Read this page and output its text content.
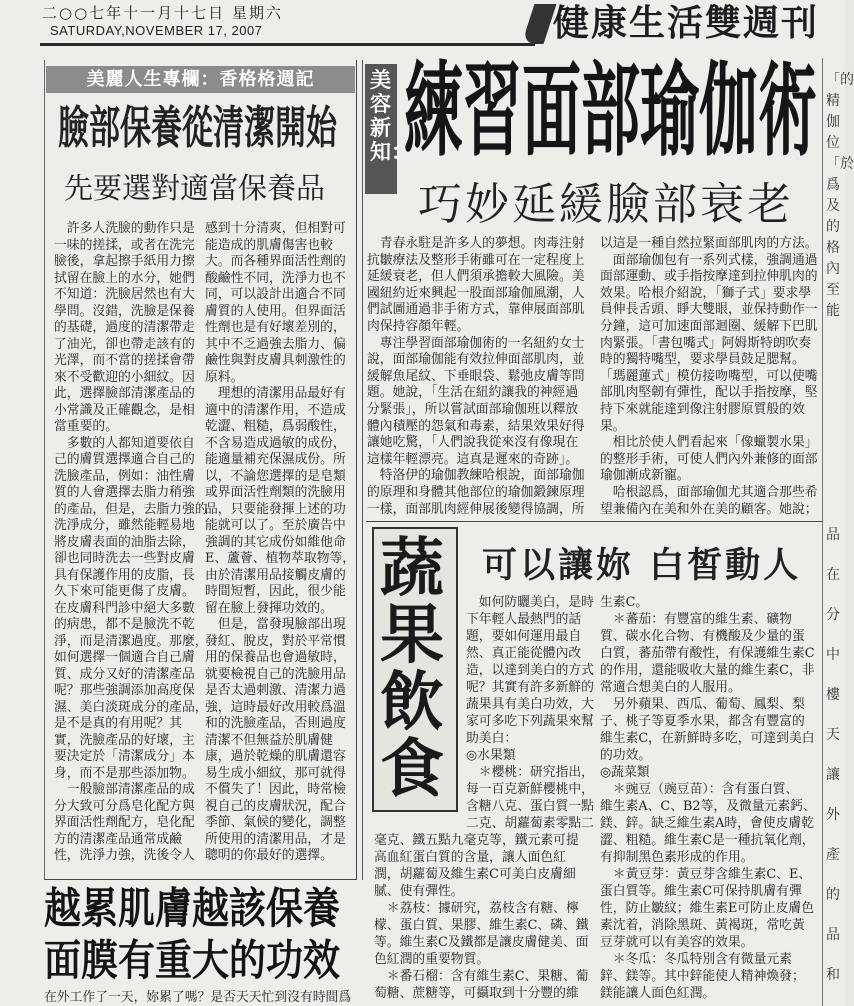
二○○七年十一月十七日 星期六
SATURDAY,NOVEMBER 17, 2007	健康生活雙週刊
美麗人生專欄：香格格週記
臉部保養從清潔開始
先要選對適當保養品
　許多人洗臉的動作只是
一味的搓揉，或者在洗完
臉後，拿起擦手紙用力擦
拭留在臉上的水分，她們
不知道：洗臉居然也有大
學問。沒錯，洗臉是保養
的基礎，過度的清潔帶走
了油光，卻也帶走該有的
光澤，而不當的搓揉會帶
來不受歡迎的小細紋。因
此，選擇臉部清潔產品的
小常識及正確觀念，是相
當重要的。
　多數的人都知道要依自
己的膚質選擇適合自己的
洗臉產品，例如：油性膚
質的人會選擇去脂力稍強
的產品，但是，去脂力強的
洗淨成分，雖然能輕易地
將皮膚表面的油脂去除，
卻也同時洗去一些對皮膚
具有保護作用的皮脂，長
久下來可能更傷了皮膚。
在皮膚科門診中絕大多數
的病患，都不是臉洗不乾
淨，而是清潔過度。那麼，
如何選擇一個適合自己膚
質、成分又好的清潔產品
呢？那些強調添加高度保
濕、美白淡斑成分的產品，
是不是真的有用呢？其
實，洗臉產品的好壞，主
要決定於「清潔成分」本
身，而不是那些添加物。
　一般臉部清潔產品的成
分大致可分爲皂化配方與
界面活性劑配方，皂化配
方的清潔產品通常成鹼
性，洗淨力強，洗後令人
感到十分清爽，但相對可
能造成的肌膚傷害也較
大。而各種界面活性劑的
酸鹼性不同，洗淨力也不
同，可以設計出適合不同
膚質的人使用。但界面活
性劑也是有好壞差別的，
其中不乏過強去脂力、偏
鹼性與對皮膚具刺激性的
原料。
　理想的清潔用品最好有
適中的清潔作用，不造成
乾澀、粗糙，爲弱酸性，
不含易造成過敏的成份，
能適量補充保濕成份。所
以，不論您選擇的是皂類
或界面活性劑類的洗臉用
品，只要能發揮上述的功
能就可以了。至於廣告中
強調的其它成份如維他命
E、蘆薈、植物萃取物等，
由於清潔用品接觸皮膚的
時間短暫，因此，很少能
留在臉上發揮功效的。
　但是，當發現臉部出現
發紅、脫皮，對於平常慣
用的保養品也會過敏時，
就要檢視自己的洗臉用品
是否太過刺激、清潔力過
強，這時最好改用較爲溫
和的洗臉產品，否則過度
清潔不但無益於肌膚健
康，過於乾燥的肌膚還容
易生成小細紋，那可就得
不償失了！因此，時常檢
視自己的皮膚狀況，配合
季節、氣候的變化，調整
所使用的清潔用品，才是
聰明的你最好的選擇。
美容新知：
練習面部瑜伽術
巧妙延緩臉部衰老
　青春永駐是許多人的夢想。肉毒注射
抗皺療法及整形手術雖可在一定程度上
延緩衰老，但人們須承擔較大風險。美
國紐約近來興起一股面部瑜伽風潮，人
們試圖通過非手術方式，靠伸展面部肌
肉保持容顏年輕。
　專注學習面部瑜伽術的一名紐約女士
說，面部瑜伽能有效拉伸面部肌肉，並
緩解魚尾紋、下垂眼袋、鬆弛皮膚等問
題。她說，「生活在紐約讓我的神經過
分緊張」，所以嘗試面部瑜伽班以釋放
體內積壓的怨氣和毒素，結果效果好得
讓她吃驚，「人們說我從來沒有像現在
這樣年輕漂亮。這真是遲來的奇跡」。
　特洛伊的瑜伽教練哈根說，面部瑜伽
的原理和身體其他部位的瑜伽鍛鍊原理
一樣，面部肌肉經伸展後變得協調，所
以這是一種自然拉緊面部肌肉的方法。
　面部瑜伽包有一系列式樣，強調通過
面部運動、或手指按摩達到拉伸肌肉的
效果。哈根介紹說，「獅子式」要求學
員伸長舌頭、睜大雙眼，並保持動作一
分鐘，這可加速面部迴圈、緩解下巴肌
肉緊張。「書包嘴式」阿姆斯特朗吹奏
時的獨特嘴型，要求學員鼓足腮幫。
「瑪麗蓮式」模仿接吻嘴型，可以使嘴
部肌肉堅韌有彈性，配以手指按摩，堅
持下來就能達到像注射膠原質般的效
果。
　相比於使人們看起來「像蠟製水果」
的整形手術，可使人們內外兼修的面部
瑜伽漸成新寵。
　哈根認爲，面部瑜伽尤其適合那些希
望兼備內在美和外在美的顧客。她說；
蔬果飲食
可以讓妳 白皙動人
　如何防曬美白，是時
下年輕人最熱門的話
題，要如何運用最自
然、真正能從體內改
造，以達到美白的方式
呢？其實有許多新鮮的
蔬果具有美白功效，大
家可多吃下列蔬果來幫
助美白：
◎水果類
　＊櫻桃：研究指出，
每一百克新鮮櫻桃中，
含糖八克、蛋白質一點
二克、胡蘿蔔素零點二
毫克、鐵五點九毫克等，鐵元素可提
高血紅蛋白質的含量，讓人面色紅
潤，胡蘿蔔及維生素C可美白皮膚細
膩、使有彈性。
　＊荔枝：據研究，荔枝含有糖、檸
檬、蛋白質、果膠、維生素C、磷、鐵
等。維生素C及鐵都是讓皮膚健美、面
色紅潤的重要物質。
　＊番石榴：含有維生素C、果糖、葡
萄糖、蔗糖等，可攝取到十分豐的維
生素C。
　＊蕃茄：有豐富的維生素、礦物
質、碳水化合物、有機酸及少量的蛋
白質，蕃茄帶有酸性，有保護維生素C
的作用，還能吸收大量的維生素C，非
常適合想美白的人服用。
　另外蘋果、西瓜、葡萄、鳳梨、梨
子、桃子等夏季水果，都含有豐富的
維生素C，在新鮮時多吃，可達到美白
的功效。
◎蔬菜類
　＊豌豆（豌豆苗）：含有蛋白質、
維生素A、C、B2等，及微量元素鈣、
鎂、鋅。缺乏維生素A時，會使皮膚乾
澀、粗糙。維生素C是一種抗氧化劑，
有抑制黑色素形成的作用。
　＊黃豆芽：黃豆芽含維生素C、E、
蛋白質等。維生素C可保持肌膚有彈
性，防止皺紋；維生素E可防止皮膚色
素沈着，消除黑斑、黃褐斑，常吃黃
豆芽就可以有美容的效果。
　＊冬瓜：冬瓜特別含有微量元素
鋅、鎂等。其中鋅能使人精神煥發；
鎂能讓人面色紅潤。
越累肌膚越該保養
面膜有重大的功效
在外工作了一天，妳累了嗎？是否天天忙到沒有時間爲
「的精伽位「於爲及的格內至能
品在分中樓天讓外產的品和
